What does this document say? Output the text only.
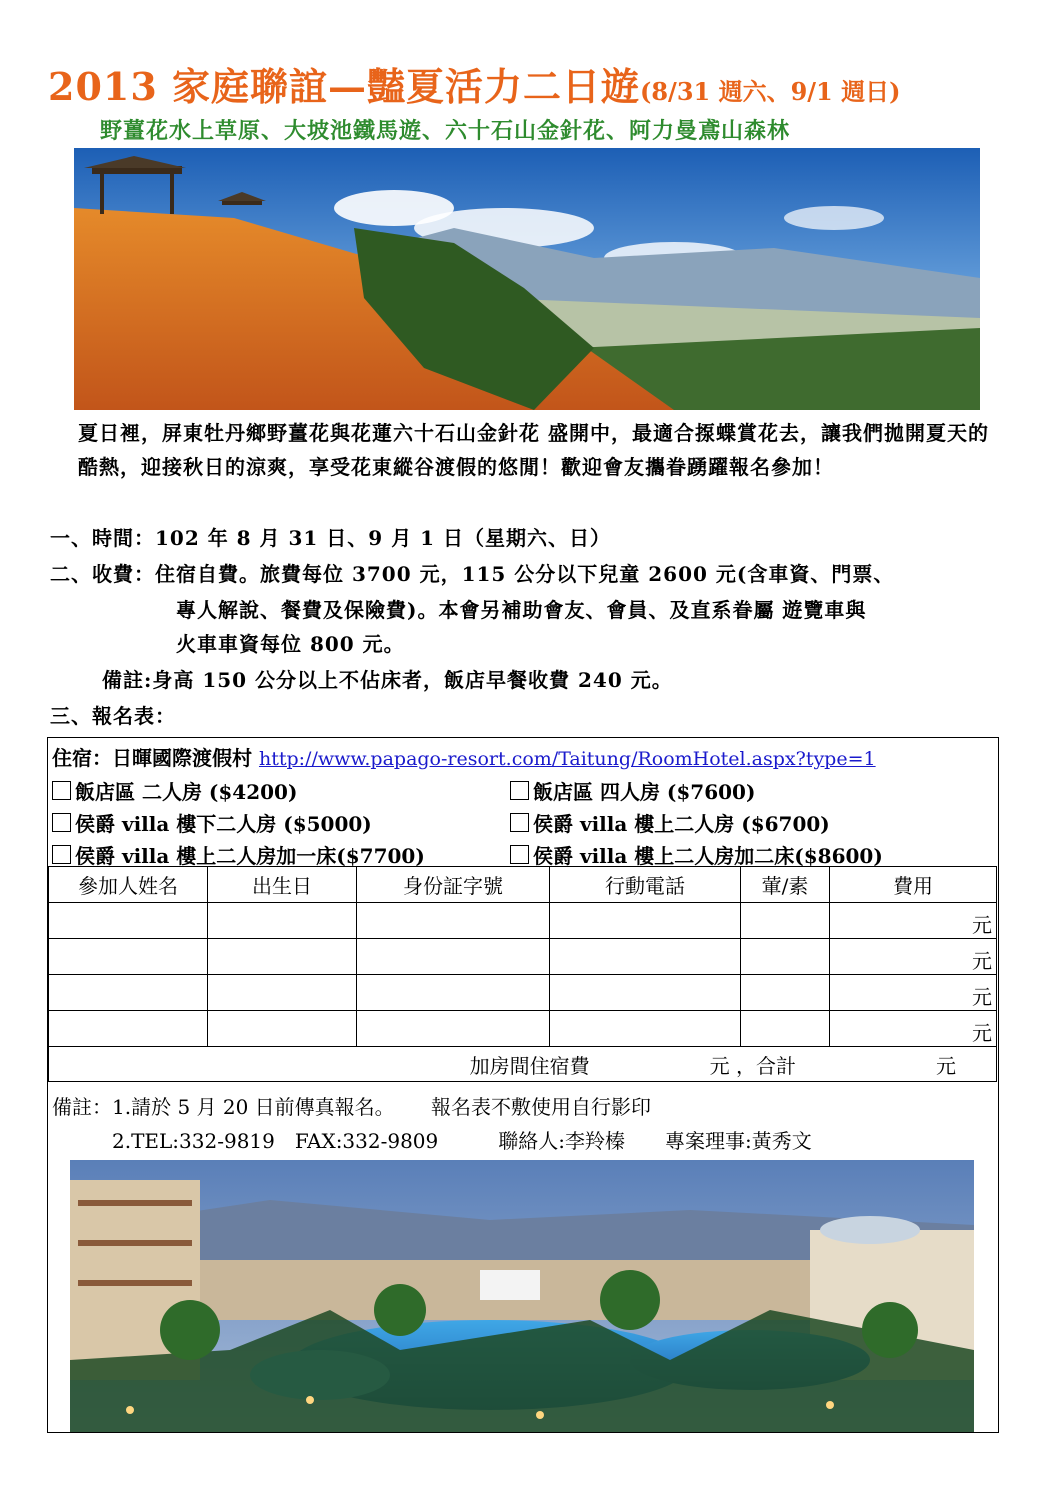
2013 家庭聯誼—豔夏活力二日遊(8/31 週六、9/1 週日)
野薑花水上草原、大坡池鐵馬遊、六十石山金針花、阿力曼鳶山森林
夏日裡，屏東牡丹鄉野薑花與花蓮六十石山金針花 盛開中，最適合揼蝶賞花去，讓我們拋開夏天的酷熱，迎接秋日的涼爽，享受花東縱谷渡假的悠閒！歡迎會友攜眷踴躍報名參加！
一、時間：102 年 8 月 31 日、9 月 1 日（星期六、日）
二、收費：住宿自費。旅費每位 3700 元，115 公分以下兒童 2600 元(含車資、門票、
專人解說、餐費及保險費)。本會另補助會友、會員、及直系眷屬 遊覽車與
火車車資每位 800 元。
備註:身高 150 公分以上不佔床者，飯店早餐收費 240 元。
三、報名表：
住宿：日暉國際渡假村 http://www.papago-resort.com/Taitung/RoomHotel.aspx?type=1
飯店區 二人房 ($4200)	飯店區 四人房 ($7600)
侯爵 villa 樓下二人房 ($5000)	侯爵 villa 樓上二人房 ($6700)
侯爵 villa 樓上二人房加一床($7700)	侯爵 villa 樓上二人房加二床($8600)
參加人姓名	出生日	身份証字號	行動電話	葷/素	費用
					元
					元
					元
					元
加房間住宿費　　　　　　元 ，合計　　　　　　　元					
備註：1.請於 5 月 20 日前傳真報名。　　 報名表不敷使用自行影印
　　　2.TEL:332-9819　FAX:332-9809　　　聯絡人:李羚榛　　專案理事:黃秀文
